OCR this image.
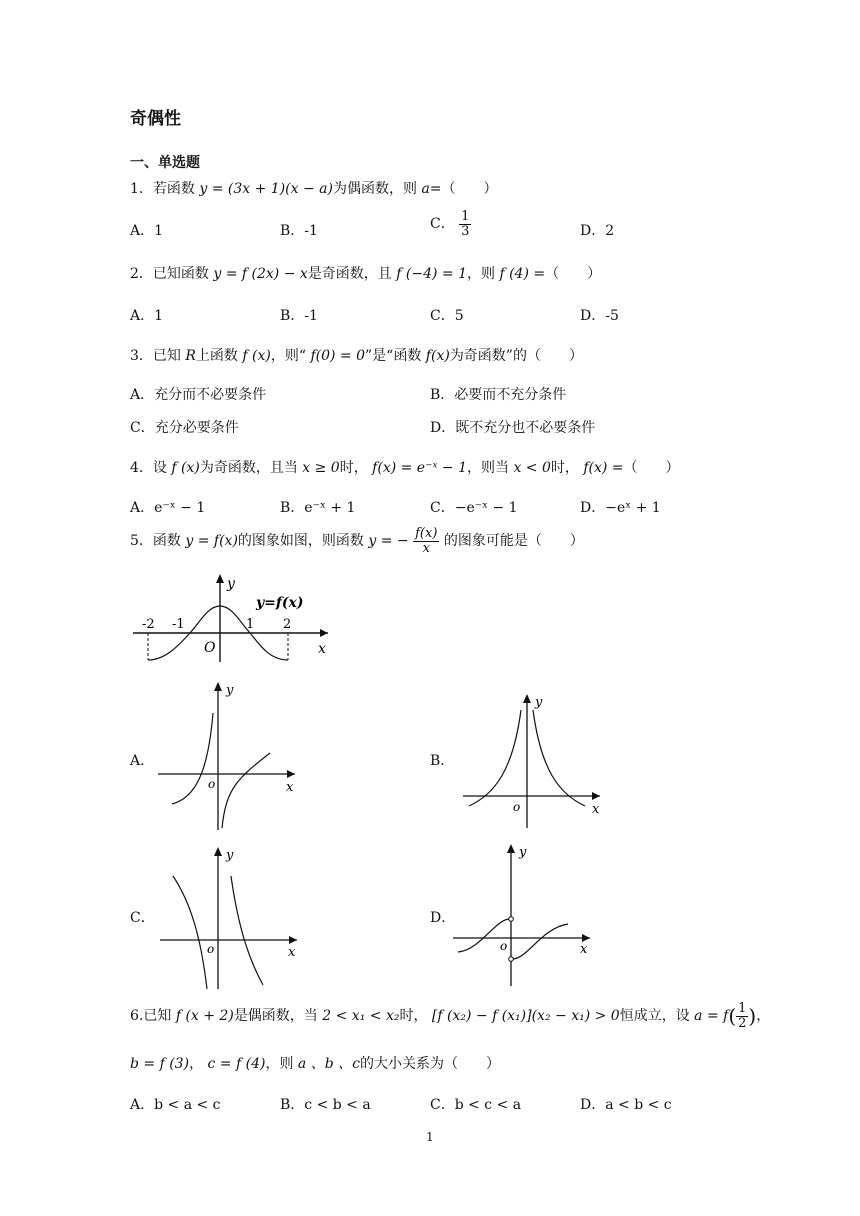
奇偶性
一、单选题
1．若函数 y = (3x + 1)(x − a)为偶函数，则 a=（　　）
A．1	B．-1	C． $\frac{1}{3}$	D．2
2．已知函数 y = f (2x) − x是奇函数，且 f (−4) = 1，则 f (4) =（　　）
A．1	B．-1	C．5	D．-5
3．已知 R上函数 f (x)，则“ f(0) = 0”是“函数 f(x)为奇函数”的（　　）
A．充分而不必要条件	B．必要而不充分条件
C．充分必要条件	D．既不充分也不必要条件
4．设 f (x)为奇函数，且当 x ≥ 0时， f(x) = e⁻ˣ − 1，则当 x < 0时， f(x) =（　　）
A．e⁻ˣ − 1	B．e⁻ˣ + 1	C．−e⁻ˣ − 1	D．−eˣ + 1
5．函数 y = f(x)的图象如图，则函数 y = − $\frac{f(x)}{x}$ 的图象可能是（　　）
y
y=f(x)
x
O
-2 -1	1 2
A．
y
x
o
B．
y
x
o
C．
y
x
o
D．
y
x
o
6.已知 f (x + 2)是偶函数，当 2 < x₁ < x₂时， [f (x₂) − f (x₁)](x₂ − x₁) > 0恒成立，设 $a = f( \frac{1}{2}$ )，
b = f (3)， c = f (4)，则 a 、b 、c的大小关系为（　　）
A．b < a < c	B．c < b < a	C．b < c < a	D．a < b < c
1
